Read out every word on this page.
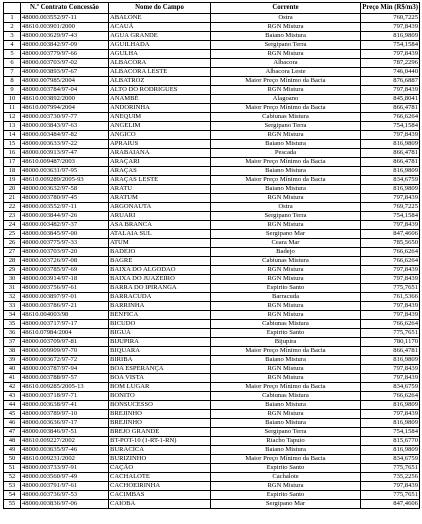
	N.º Contrato Concessão	Nome do Campo	Corrente	Preço Mín (R$/m3)
1	48000.003552/97-11	ABALONE	Ostra	760,7225
2	48610.003901/2000	ACAUÃ	RGN Mistura	797,8439
3	48000.003629/97-43	AGUA GRANDE	Baiano Mistura	816,9809
4	48000.003842/97-09	AGUILHADA	Sergipano Terra	754,1584
5	48000.003779/97-66	AGULHA	RGN Mistura	797,8439
6	48000.003703/97-02	ALBACORA	Albacora	787,2296
7	48000.003893/97-67	ALBACORA LESTE	Albacora Leste	746,0440
8	48000.007985/2004	ALBATROZ	Maior Preço Mínimo da Bacia	876,6887
9	48000.003784/97-04	ALTO DO RODRIGUES	RGN Mistura	797,8439
10	48610.003892/2000	ANAMBÉ	Alagoano	845,8041
11	48610.007994/2004	ANDORINHA	Maior Preço Mínimo da Bacia	866,4781
12	48000.003730/97-77	ANEQUIM	Cabiunas Mistura	766,6264
13	48000.003843/97-63	ANGELIM	Sergipano Terra	754,1584
14	48000.003484/97-82	ANGICO	RGN Mistura	797,8439
15	48000.003633/97-22	APRAIUS	Baiano Mistura	816,9809
16	48000.003913/97-47	ARABAIANA	Pescada	866,4781
17	48610.009487/2003	ARAÇARI	Maior Preço Mínimo da Bacia	866,4781
18	48000.003631/97-95	ARAÇAS	Baiano Mistura	816,9809
19	48610.009289/2005-93	ARAÇAS LESTE	Maior Preço Mínimo da Bacia	834,6759
20	48000.003632/97-58	ARATU	Baiano Mistura	816,9809
21	48000.003780/97-45	ARATUM	RGN Mistura	797,8439
22	48000.003552/97-11	ARGONAUTA	Ostra	769,7225
23	48000.003844/97-26	ARUARI	Sergipano Terra	754,1584
24	48000.003482/97-37	ASA BRANCA	RGN Mistura	797,8439
25	48000.003845/97-00	ATALAIA SUL	Sergipano Mar	847,4606
26	48000.003775/97-33	ATUM	Ceara Mar	785,5650
27	48000.003703/97-20	BADEJO	Badejo	766,6264
28	48000.003726/97-08	BAGRE	Cabiunas Mistura	766,6264
29	48000.003785/97-69	BAIXA DO ALGODAO	RGN Mistura	797,8439
30	48000.003914/97-18	BAIXA DO JUAZEIRO	RGN Mistura	797,8439
31	48000.003756/97-61	BARRA DO IPIRANGA	Espirito Santo	775,7651
32	48000.003897/97-01	BARRACUDA	Barracuda	761,5366
33	48000.003786/97-21	BARRINHA	RGN Mistura	797,8439
34	48610.004003/98	BENFICA	RGN Mistura	797,8439
35	48000.003717/97-17	BICUDO	Cabiunas Mistura	766,6264
36	48610.07984/2004	BIGUÁ	Espirito Santo	775,7651
37	48000.003709/97-81	BIJUPIRA	Bijupira	780,1170
38	48000.009909/97-70	BIQUARA	Maior Preço Mínimo da Bacia	866,4781
39	48000.003672/97-72	BIRIBA	Baiano Mistura	816,9809
40	48000.003787/97-94	BOA ESPERANÇA	RGN Mistura	797,8439
41	48000.003788/97-57	BOA VISTA	RGN Mistura	797,8439
42	48610.009285/2005-13	BOM LUGAR	Maior Preço Mínimo da Bacia	834,6759
43	48000.003718/97-71	BONITO	Cabiunas Mistura	766,6264
44	48000.003638/97-41	BONSUCESSO	Baiano Mistura	816,9809
45	48000.003789/97-10	BREJINHO	RGN Mistura	797,8439
46	48000.003636/97-17	BREJINHO	Baiano Mistura	816,9809
47	48000.003846/97-51	BREJO GRANDE	Sergipano Terra	754,1584
48	48610.009227/2002	BT-POT-10 (1-RT-1-RN)	Riacho Tapuio	815,6770
49	48000.003635/97-46	BURACICA	Baiano Mistura	816,9809
50	48610.009231/2002	BURIZINHO	Maior Preço Mínimo da Bacia	834,6759
51	48000.003733/97-91	CAÇÃO	Espirito Santo	775,7651
52	48000.003560/97-49	CACHALOTE	Cachalote	735,2256
53	48000.003791/97-61	CACHOEIRINHA	RGN Mistura	797,8439
54	48000.003736/97-53	CACIMBAS	Espirito Santo	775,7651
55	48000.003836/97-06	CAIOBA	Sergipano Mar	847,4606
